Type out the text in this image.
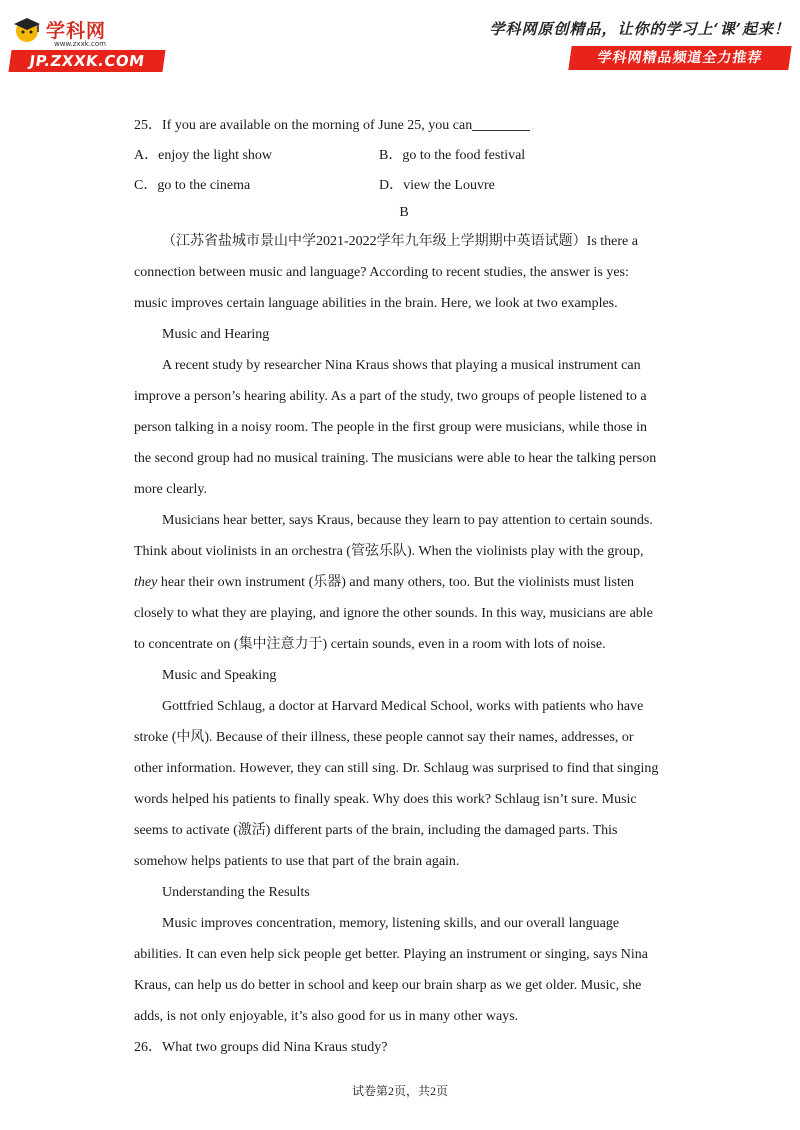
学科网
www.zxxk.com
JP.ZXXK.COM
学科网原创精品，让你的学习上‘课’起来！
学科网精品频道全力推荐
25．If you are available on the morning of June 25, you can	.
A．enjoy the light show	B．go to the food festival
C．go to the cinema	D．view the Louvre
B
（江苏省盐城市景山中学2021-2022学年九年级上学期期中英语试题）Is there a
connection between music and language? According to recent studies, the answer is yes:
music improves certain language abilities in the brain. Here, we look at two examples.
Music and Hearing
A recent study by researcher Nina Kraus shows that playing a musical instrument can
improve a person’s hearing ability. As a part of the study, two groups of people listened to a
person talking in a noisy room. The people in the first group were musicians, while those in
the second group had no musical training. The musicians were able to hear the talking person
more clearly.
Musicians hear better, says Kraus, because they learn to pay attention to certain sounds.
Think about violinists in an orchestra (管弦乐队). When the violinists play with the group,
they hear their own instrument (乐器) and many others, too. But the violinists must listen
closely to what they are playing, and ignore the other sounds. In this way, musicians are able
to concentrate on (集中注意力于) certain sounds, even in a room with lots of noise.
Music and Speaking
Gottfried Schlaug, a doctor at Harvard Medical School, works with patients who have
stroke (中风). Because of their illness, these people cannot say their names, addresses, or
other information. However, they can still sing. Dr. Schlaug was surprised to find that singing
words helped his patients to finally speak. Why does this work? Schlaug isn’t sure. Music
seems to activate (激活) different parts of the brain, including the damaged parts. This
somehow helps patients to use that part of the brain again.
Understanding the Results
Music improves concentration, memory, listening skills, and our overall language
abilities. It can even help sick people get better. Playing an instrument or singing, says Nina
Kraus, can help us do better in school and keep our brain sharp as we get older. Music, she
adds, is not only enjoyable, it’s also good for us in many other ways.
26．What two groups did Nina Kraus study?
试卷第2页，共2页
